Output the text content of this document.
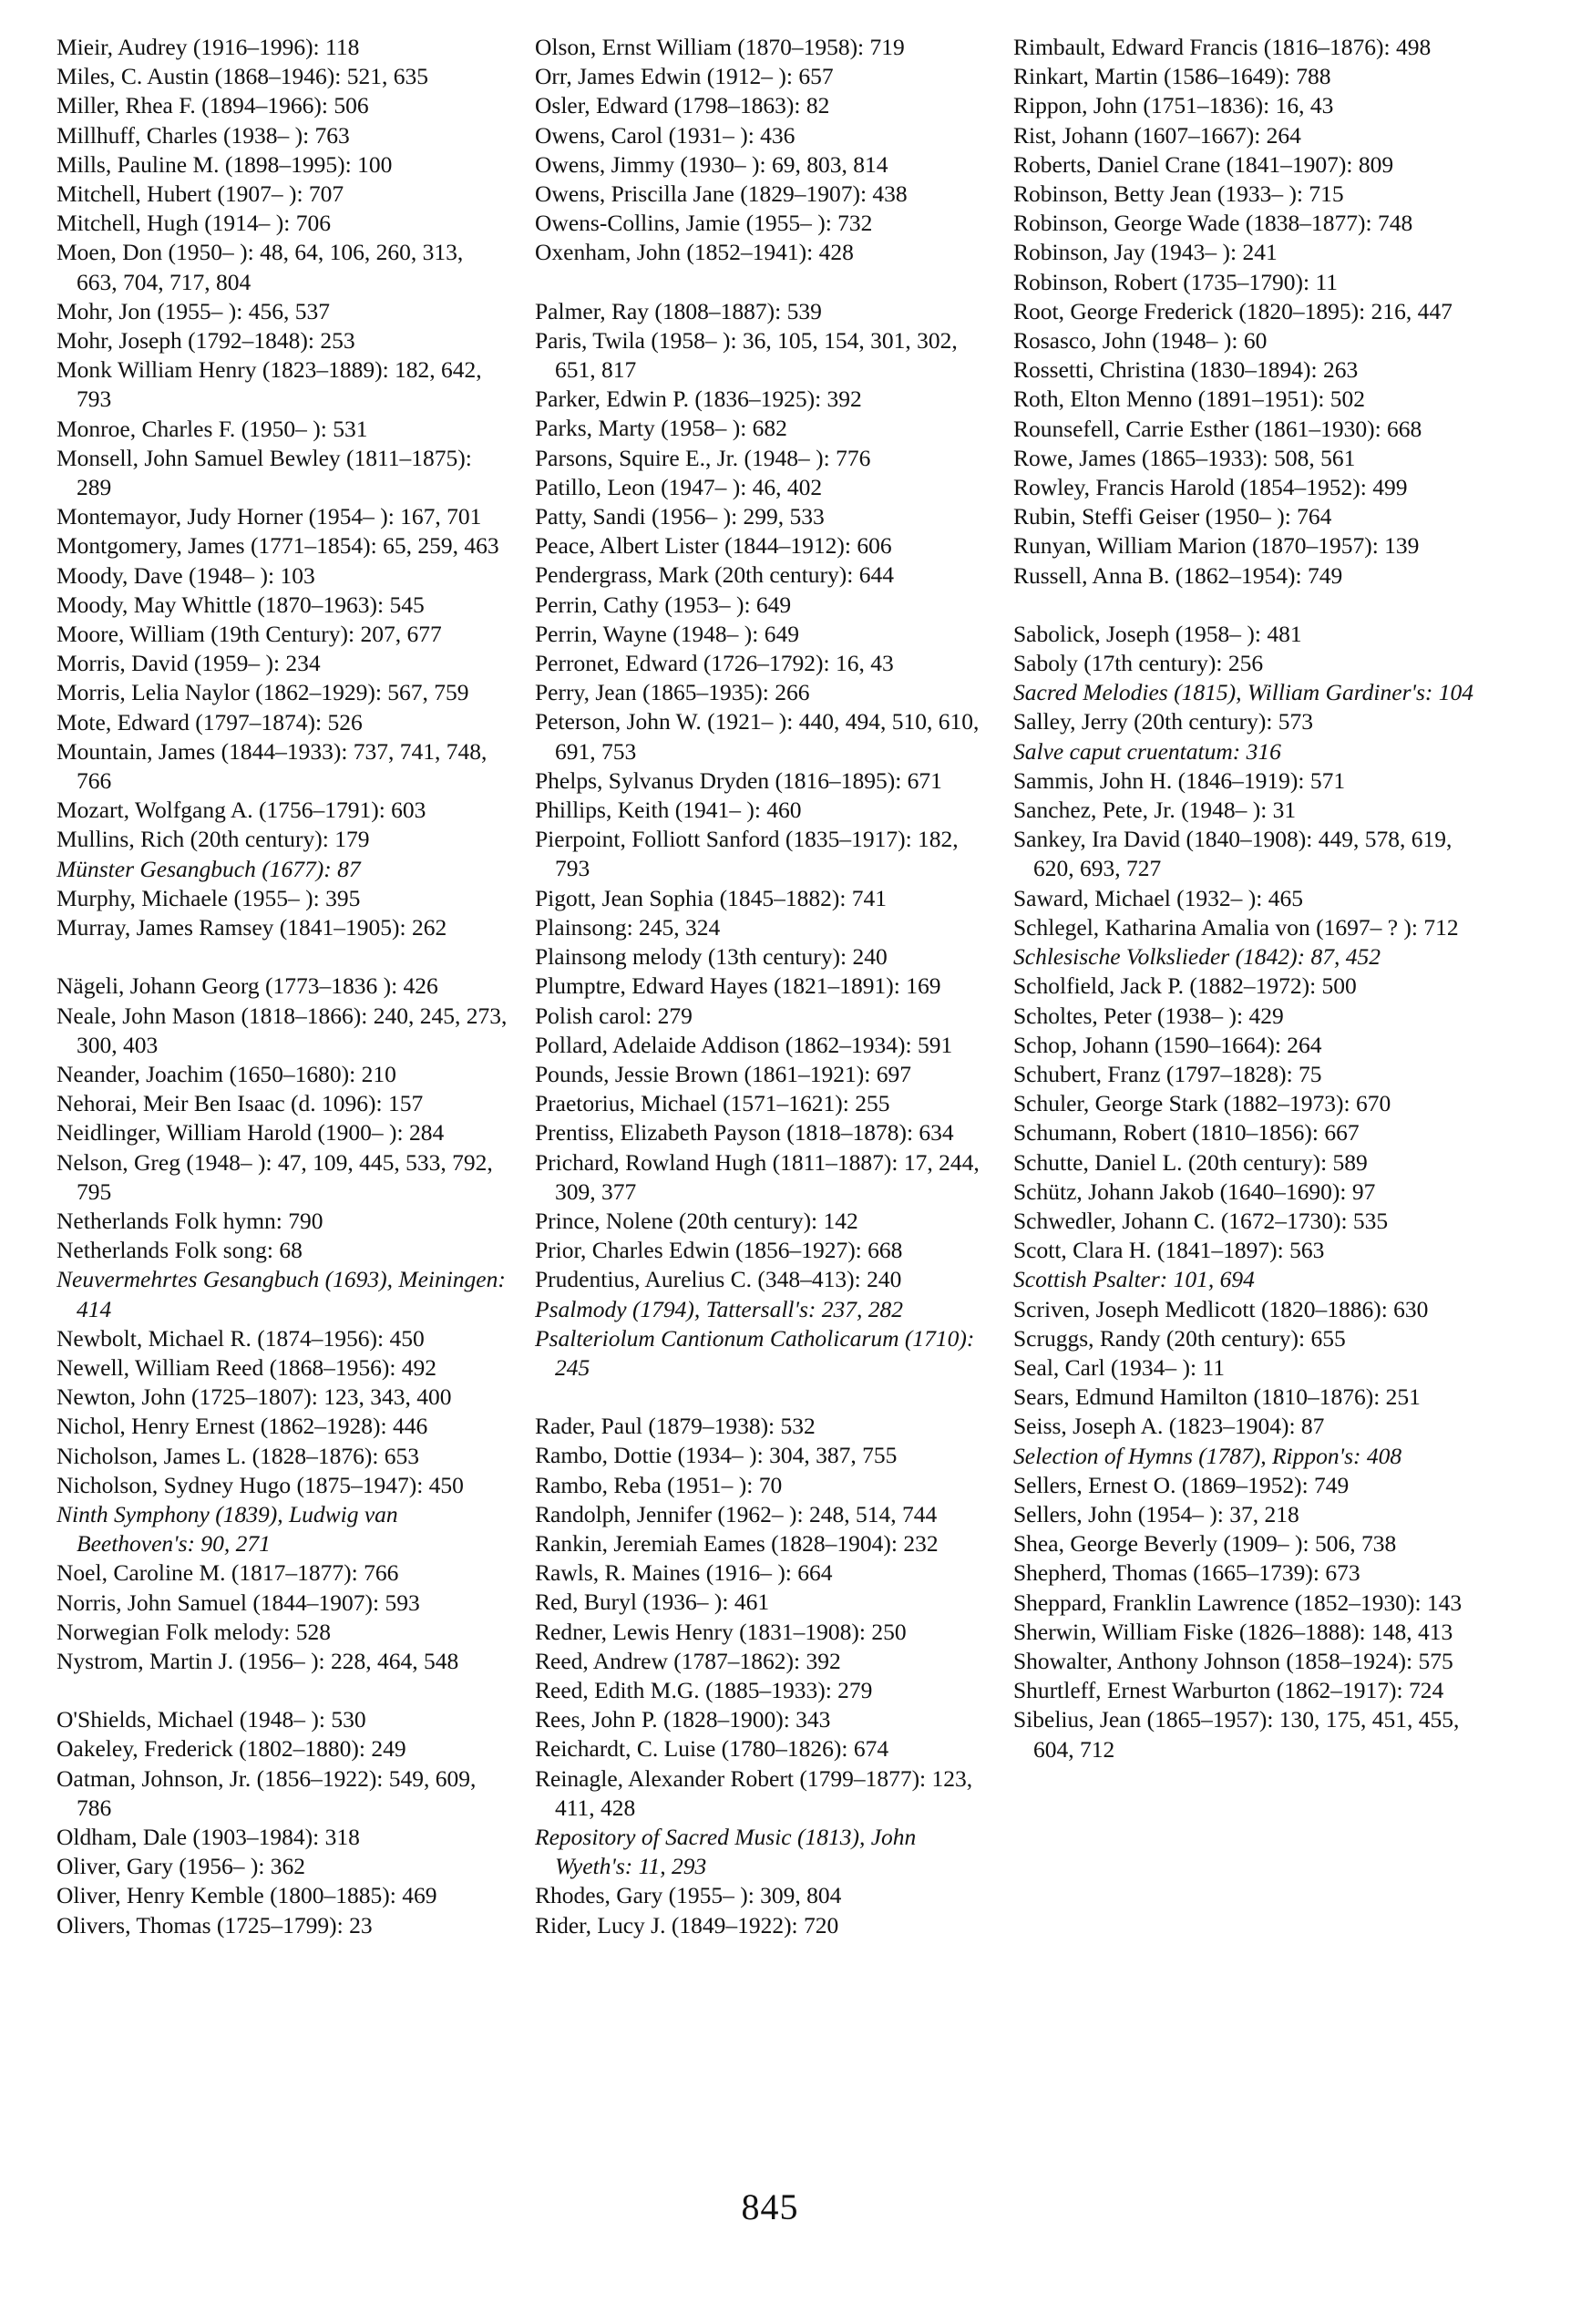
Mieir, Audrey (1916–1996): 118
Miles, C. Austin (1868–1946): 521, 635
Miller, Rhea F. (1894–1966): 506
Millhuff, Charles (1938– ): 763
Mills, Pauline M. (1898–1995): 100
Mitchell, Hubert (1907– ): 707
Mitchell, Hugh (1914– ): 706
Moen, Don (1950– ): 48, 64, 106, 260, 313, 663, 704, 717, 804
Mohr, Jon (1955– ): 456, 537
Mohr, Joseph (1792–1848): 253
Monk William Henry (1823–1889): 182, 642, 793
Monroe, Charles F. (1950– ): 531
Monsell, John Samuel Bewley (1811–1875): 289
Montemayor, Judy Horner (1954– ): 167, 701
Montgomery, James (1771–1854): 65, 259, 463
Moody, Dave (1948– ): 103
Moody, May Whittle (1870–1963): 545
Moore, William (19th Century): 207, 677
Morris, David (1959– ): 234
Morris, Lelia Naylor (1862–1929): 567, 759
Mote, Edward (1797–1874): 526
Mountain, James (1844–1933): 737, 741, 748, 766
Mozart, Wolfgang A. (1756–1791): 603
Mullins, Rich (20th century): 179
Münster Gesangbuch (1677): 87
Murphy, Michaele (1955– ): 395
Murray, James Ramsey (1841–1905): 262
Nägeli, Johann Georg (1773–1836 ): 426
Neale, John Mason (1818–1866): 240, 245, 273, 300, 403
Neander, Joachim (1650–1680): 210
Nehorai, Meir Ben Isaac (d. 1096): 157
Neidlinger, William Harold (1900– ): 284
Nelson, Greg (1948– ): 47, 109, 445, 533, 792, 795
Netherlands Folk hymn: 790
Netherlands Folk song: 68
Neuvermehrtes Gesangbuch (1693), Meiningen: 414
Newbolt, Michael R. (1874–1956): 450
Newell, William Reed (1868–1956): 492
Newton, John (1725–1807): 123, 343, 400
Nichol, Henry Ernest (1862–1928): 446
Nicholson, James L. (1828–1876): 653
Nicholson, Sydney Hugo (1875–1947): 450
Ninth Symphony (1839), Ludwig van Beethoven's: 90, 271
Noel, Caroline M. (1817–1877): 766
Norris, John Samuel (1844–1907): 593
Norwegian Folk melody: 528
Nystrom, Martin J. (1956– ): 228, 464, 548
O'Shields, Michael (1948– ): 530
Oakeley, Frederick (1802–1880): 249
Oatman, Johnson, Jr. (1856–1922): 549, 609, 786
Oldham, Dale (1903–1984): 318
Oliver, Gary (1956– ): 362
Oliver, Henry Kemble (1800–1885): 469
Olivers, Thomas (1725–1799): 23
Olson, Ernst William (1870–1958): 719
Orr, James Edwin (1912– ): 657
Osler, Edward (1798–1863): 82
Owens, Carol (1931– ): 436
Owens, Jimmy (1930– ): 69, 803, 814
Owens, Priscilla Jane (1829–1907): 438
Owens-Collins, Jamie (1955– ): 732
Oxenham, John (1852–1941): 428
Palmer, Ray (1808–1887): 539
Paris, Twila (1958– ): 36, 105, 154, 301, 302, 651, 817
Parker, Edwin P. (1836–1925): 392
Parks, Marty (1958– ): 682
Parsons, Squire E., Jr. (1948– ): 776
Patillo, Leon (1947– ): 46, 402
Patty, Sandi (1956– ): 299, 533
Peace, Albert Lister (1844–1912): 606
Pendergrass, Mark (20th century): 644
Perrin, Cathy (1953– ): 649
Perrin, Wayne (1948– ): 649
Perronet, Edward (1726–1792): 16, 43
Perry, Jean (1865–1935): 266
Peterson, John W. (1921– ): 440, 494, 510, 610, 691, 753
Phelps, Sylvanus Dryden (1816–1895): 671
Phillips, Keith (1941– ): 460
Pierpoint, Folliott Sanford (1835–1917): 182, 793
Pigott, Jean Sophia (1845–1882): 741
Plainsong: 245, 324
Plainsong melody (13th century): 240
Plumptre, Edward Hayes (1821–1891): 169
Polish carol: 279
Pollard, Adelaide Addison (1862–1934): 591
Pounds, Jessie Brown (1861–1921): 697
Praetorius, Michael (1571–1621): 255
Prentiss, Elizabeth Payson (1818–1878): 634
Prichard, Rowland Hugh (1811–1887): 17, 244, 309, 377
Prince, Nolene (20th century): 142
Prior, Charles Edwin (1856–1927): 668
Prudentius, Aurelius C. (348–413): 240
Psalmody (1794), Tattersall's: 237, 282
Psalteriolum Cantionum Catholicarum (1710): 245
Rader, Paul (1879–1938): 532
Rambo, Dottie (1934– ): 304, 387, 755
Rambo, Reba (1951– ): 70
Randolph, Jennifer (1962– ): 248, 514, 744
Rankin, Jeremiah Eames (1828–1904): 232
Rawls, R. Maines (1916– ): 664
Red, Buryl (1936– ): 461
Redner, Lewis Henry (1831–1908): 250
Reed, Andrew (1787–1862): 392
Reed, Edith M.G. (1885–1933): 279
Rees, John P. (1828–1900): 343
Reichardt, C. Luise (1780–1826): 674
Reinagle, Alexander Robert (1799–1877): 123, 411, 428
Repository of Sacred Music (1813), John Wyeth's: 11, 293
Rhodes, Gary (1955– ): 309, 804
Rider, Lucy J. (1849–1922): 720
Rimbault, Edward Francis (1816–1876): 498
Rinkart, Martin (1586–1649): 788
Rippon, John (1751–1836): 16, 43
Rist, Johann (1607–1667): 264
Roberts, Daniel Crane (1841–1907): 809
Robinson, Betty Jean (1933– ): 715
Robinson, George Wade (1838–1877): 748
Robinson, Jay (1943– ): 241
Robinson, Robert (1735–1790): 11
Root, George Frederick (1820–1895): 216, 447
Rosasco, John (1948– ): 60
Rossetti, Christina (1830–1894): 263
Roth, Elton Menno (1891–1951): 502
Rounsefell, Carrie Esther (1861–1930): 668
Rowe, James (1865–1933): 508, 561
Rowley, Francis Harold (1854–1952): 499
Rubin, Steffi Geiser (1950– ): 764
Runyan, William Marion (1870–1957): 139
Russell, Anna B. (1862–1954): 749
Sabolick, Joseph (1958– ): 481
Saboly (17th century): 256
Sacred Melodies (1815), William Gardiner's: 104
Salley, Jerry (20th century): 573
Salve caput cruentatum: 316
Sammis, John H. (1846–1919): 571
Sanchez, Pete, Jr. (1948– ): 31
Sankey, Ira David (1840–1908): 449, 578, 619, 620, 693, 727
Saward, Michael (1932– ): 465
Schlegel, Katharina Amalia von (1697– ? ): 712
Schlesische Volkslieder (1842): 87, 452
Scholfield, Jack P. (1882–1972): 500
Scholtes, Peter (1938– ): 429
Schop, Johann (1590–1664): 264
Schubert, Franz (1797–1828): 75
Schuler, George Stark (1882–1973): 670
Schumann, Robert (1810–1856): 667
Schutte, Daniel L. (20th century): 589
Schütz, Johann Jakob (1640–1690): 97
Schwedler, Johann C. (1672–1730): 535
Scott, Clara H. (1841–1897): 563
Scottish Psalter: 101, 694
Scriven, Joseph Medlicott (1820–1886): 630
Scruggs, Randy (20th century): 655
Seal, Carl (1934– ): 11
Sears, Edmund Hamilton (1810–1876): 251
Seiss, Joseph A. (1823–1904): 87
Selection of Hymns (1787), Rippon's: 408
Sellers, Ernest O. (1869–1952): 749
Sellers, John (1954– ): 37, 218
Shea, George Beverly (1909– ): 506, 738
Shepherd, Thomas (1665–1739): 673
Sheppard, Franklin Lawrence (1852–1930): 143
Sherwin, William Fiske (1826–1888): 148, 413
Showalter, Anthony Johnson (1858–1924): 575
Shurtleff, Ernest Warburton (1862–1917): 724
Sibelius, Jean (1865–1957): 130, 175, 451, 455, 604, 712
845
